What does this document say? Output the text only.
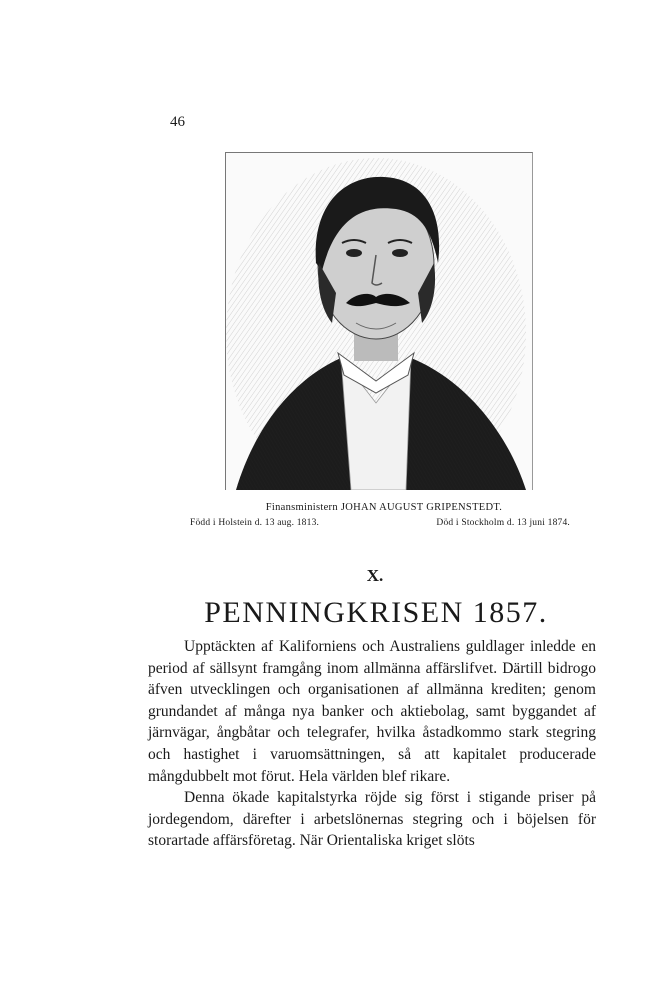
46
Finansministern JOHAN AUGUST GRIPENSTEDT.
Född i Holstein d. 13 aug. 1813.	Död i Stockholm d. 13 juni 1874.
X.
PENNINGKRISEN 1857.

Upptäckten af Kaliforniens och Australiens guldlager inledde en period af sällsynt framgång inom allmänna affärslifvet. Därtill bidrogo äfven utvecklingen och organisationen af allmänna krediten; genom grundandet af många nya banker och aktiebolag, samt byggandet af järnvägar, ångbåtar och telegrafer, hvilka åstadkommo stark stegring och hastighet i varuomsättningen, så att kapitalet producerade mångdubbelt mot förut. Hela världen blef rikare.

Denna ökade kapitalstyrka röjde sig först i stigande priser på jordegendom, därefter i arbetslönernas stegring och i böjelsen för storartade affärsföretag. När Orientaliska kriget slöts
